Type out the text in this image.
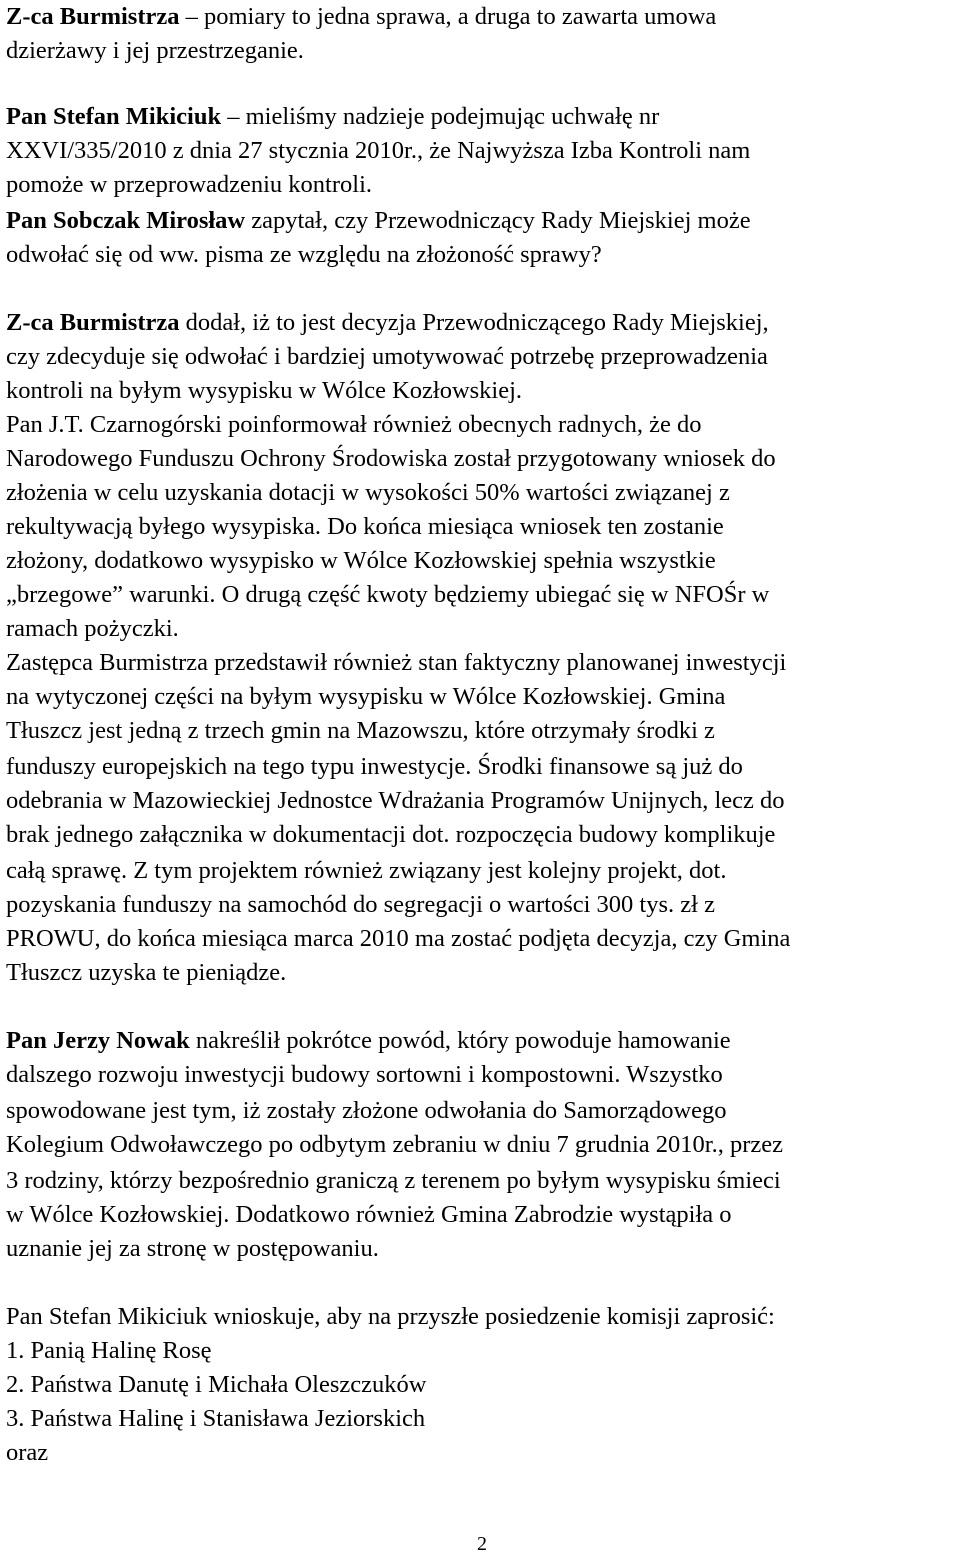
Z-ca Burmistrza – pomiary to jedna sprawa, a druga to zawarta umowa
dzierżawy i jej przestrzeganie.
Pan Stefan Mikiciuk – mieliśmy nadzieje podejmując uchwałę nr
XXVI/335/2010 z dnia 27 stycznia 2010r., że Najwyższa Izba Kontroli nam
pomoże w przeprowadzeniu kontroli.
Pan Sobczak Mirosław zapytał, czy Przewodniczący Rady Miejskiej może
odwołać się od ww. pisma ze względu na złożoność sprawy?
Z-ca Burmistrza dodał, iż to jest decyzja Przewodniczącego Rady Miejskiej,
czy zdecyduje się odwołać i bardziej umotywować potrzebę przeprowadzenia
kontroli na byłym wysypisku w Wólce Kozłowskiej.
Pan J.T. Czarnogórski poinformował również obecnych radnych, że do
Narodowego Funduszu Ochrony Środowiska został przygotowany wniosek do
złożenia w celu uzyskania dotacji w wysokości 50% wartości związanej z
rekultywacją byłego wysypiska. Do końca miesiąca wniosek ten zostanie
złożony, dodatkowo wysypisko w Wólce Kozłowskiej spełnia wszystkie
„brzegowe” warunki. O drugą część kwoty będziemy ubiegać się w NFOŚr w
ramach pożyczki.
Zastępca Burmistrza przedstawił również stan faktyczny planowanej inwestycji
na wytyczonej części na byłym wysypisku w Wólce Kozłowskiej. Gmina
Tłuszcz jest jedną z trzech gmin na Mazowszu, które otrzymały środki z
funduszy europejskich na tego typu inwestycje. Środki finansowe są już do
odebrania w Mazowieckiej Jednostce Wdrażania Programów Unijnych, lecz do
brak jednego załącznika w dokumentacji dot. rozpoczęcia budowy komplikuje
całą sprawę. Z tym projektem również związany jest kolejny projekt, dot.
pozyskania funduszy na samochód do segregacji o wartości 300 tys. zł z
PROWU, do końca miesiąca marca 2010 ma zostać podjęta decyzja, czy Gmina
Tłuszcz uzyska te pieniądze.
Pan Jerzy Nowak nakreślił pokrótce powód, który powoduje hamowanie
dalszego rozwoju inwestycji budowy sortowni i kompostowni. Wszystko
spowodowane jest tym, iż zostały złożone odwołania do Samorządowego
Kolegium Odwoławczego po odbytym zebraniu w dniu 7 grudnia 2010r., przez
3 rodziny, którzy bezpośrednio graniczą z terenem po byłym wysypisku śmieci
w Wólce Kozłowskiej. Dodatkowo również Gmina Zabrodzie wystąpiła o
uznanie jej za stronę w postępowaniu.
Pan Stefan Mikiciuk wnioskuje, aby na przyszłe posiedzenie komisji zaprosić:
1. Panią Halinę Rosę
2. Państwa Danutę i Michała Oleszczuków
3. Państwa Halinę i Stanisława Jeziorskich
oraz
2
